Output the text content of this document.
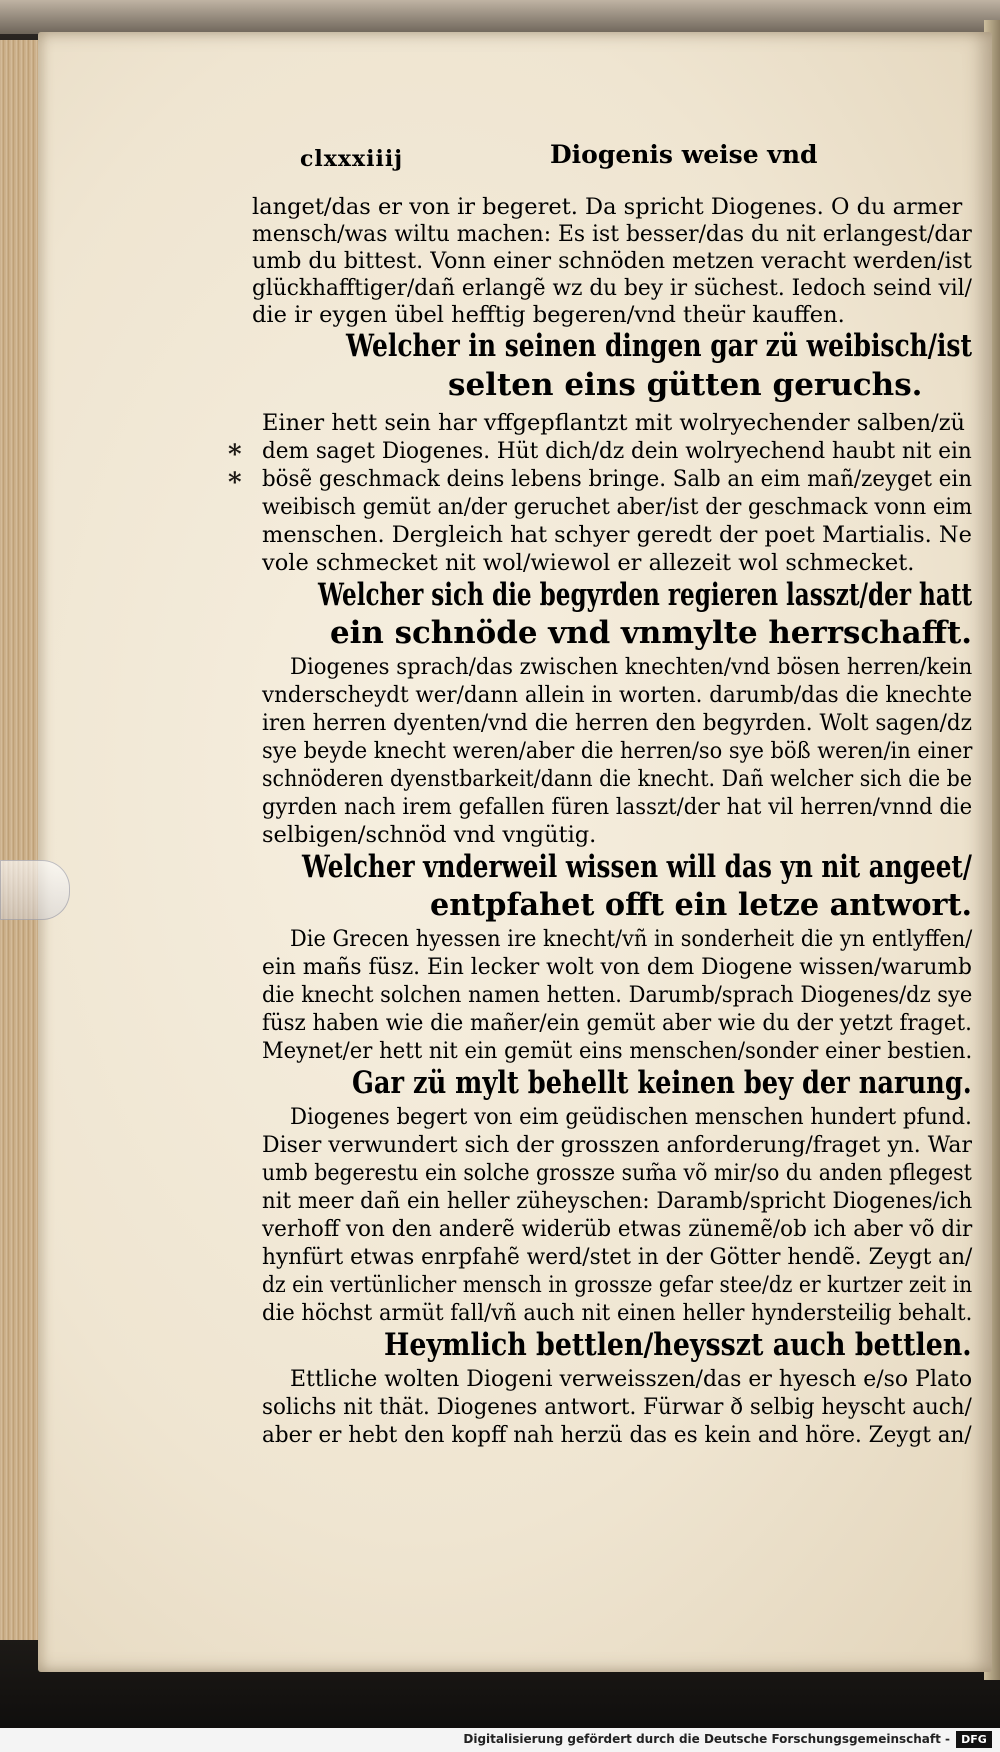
clxxxiiij	Diogenis weise vnd
langet/das er von ir begeret. Da spricht Diogenes. O du armer
mensch/was wiltu machen: Es ist besser/das du nit erlangest/dar
umb du bittest. Vonn einer schnöden metzen veracht werden/ist
glückhafftiger/dañ erlangẽ wz du bey ir süchest. Iedoch seind vil/
die ir eygen übel hefftig begeren/vnd theür kauffen.
Welcher in seinen dingen gar zü weibisch/ist
selten eins gütten geruchs.
Einer hett sein har vffgepflantzt mit wolryechender salben/zü
* dem saget Diogenes. Hüt dich/dz dein wolryechend haubt nit ein
* bösẽ geschmack deins lebens bringe. Salb an eim mañ/zeyget ein
weibisch gemüt an/der geruchet aber/ist der geschmack vonn eim
menschen. Dergleich hat schyer geredt der poet Martialis. Ne
vole schmecket nit wol/wiewol er allezeit wol schmecket.
Welcher sich die begyrden regieren lasszt/der hatt
ein schnöde vnd vnmylte herrschafft.
Diogenes sprach/das zwischen knechten/vnd bösen herren/kein
vnderscheydt wer/dann allein in worten. darumb/das die knechte
iren herren dyenten/vnd die herren den begyrden. Wolt sagen/dz
sye beyde knecht weren/aber die herren/so sye böß weren/in einer
schnöderen dyenstbarkeit/dann die knecht. Dañ welcher sich die be
gyrden nach irem gefallen füren lasszt/der hat vil herren/vnnd die
selbigen/schnöd vnd vngütig.
Welcher vnderweil wissen will das yn nit angeet/
entpfahet offt ein letze antwort.
Die Grecen hyessen ire knecht/vñ in sonderheit die yn entlyffen/
ein mañs füsz. Ein lecker wolt von dem Diogene wissen/warumb
die knecht solchen namen hetten. Darumb/sprach Diogenes/dz sye
füsz haben wie die mañer/ein gemüt aber wie du der yetzt fraget.
Meynet/er hett nit ein gemüt eins menschen/sonder einer bestien.
Gar zü mylt behellt keinen bey der narung.
Diogenes begert von eim geüdischen menschen hundert pfund.
Diser verwundert sich der grosszen anforderung/fraget yn. War
umb begerestu ein solche grossze sum̃a võ mir/so du anden pflegest
nit meer dañ ein heller züheyschen: Daramb/spricht Diogenes/ich
verhoff von den anderẽ widerüb etwas zünemẽ/ob ich aber võ dir
hynfürt etwas enrpfahẽ werd/stet in der Götter hendẽ. Zeygt an/
dz ein vertünlicher mensch in grossze gefar stee/dz er kurtzer zeit in
die höchst armüt fall/vñ auch nit einen heller hyndersteilig behalt.
Heymlich bettlen/heysszt auch bettlen.
Ettliche wolten Diogeni verweisszen/das er hyesch e/so Plato
solichs nit thät. Diogenes antwort. Fürwar ð selbig heyscht auch/
aber er hebt den kopff nah herzü das es kein and höre. Zeygt an/
Digitalisierung gefördert durch die Deutsche Forschungsgemeinschaft -	DFG
